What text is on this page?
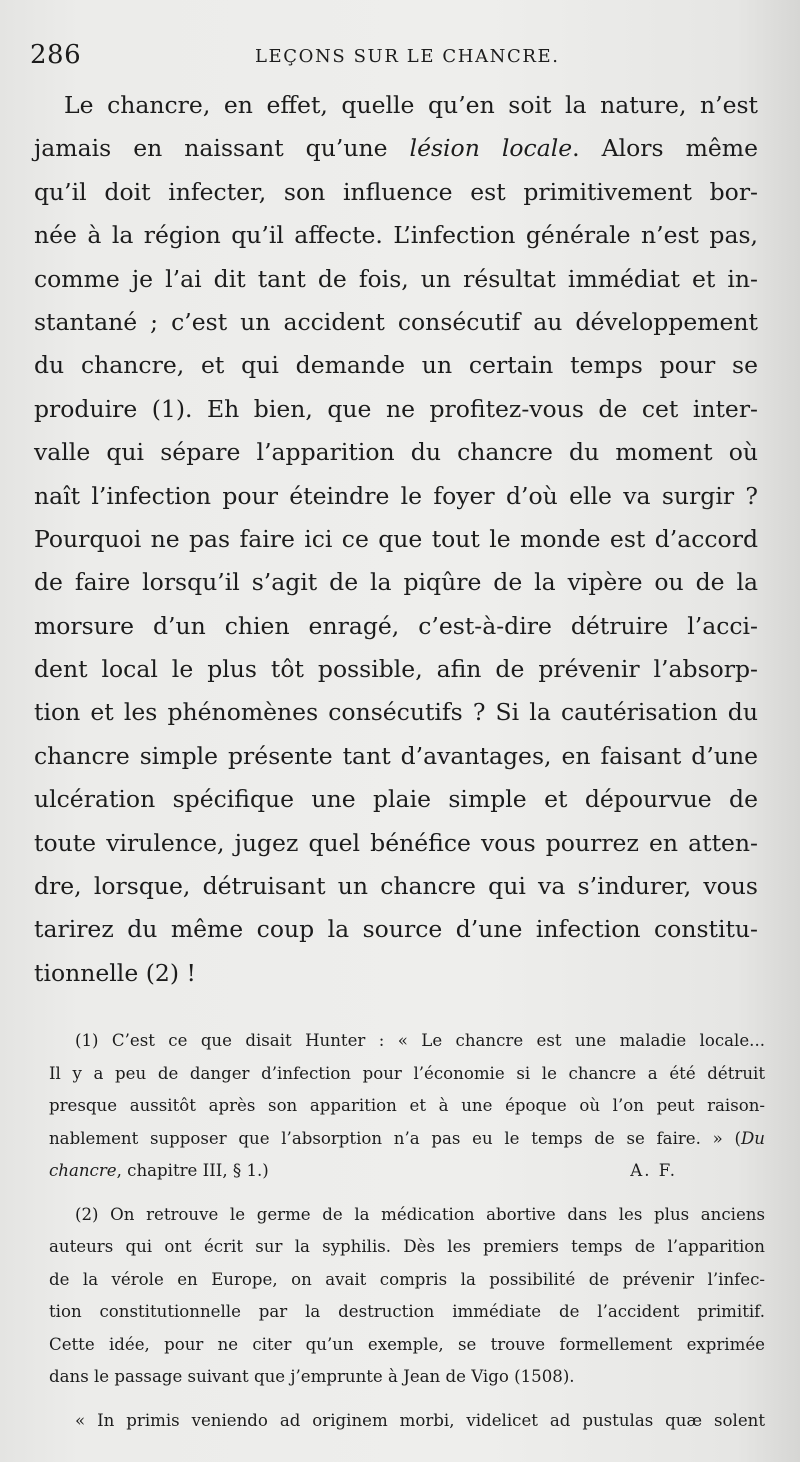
286	LEÇONS SUR LE CHANCRE.
Le chancre, en effet, quelle qu’en soit la nature, n’est
jamais en naissant qu’une lésion locale. Alors même
qu’il doit infecter, son influence est primitivement bor-
née à la région qu’il affecte. L’infection générale n’est pas,
comme je l’ai dit tant de fois, un résultat immédiat et in-
stantané ; c’est un accident consécutif au développement
du chancre, et qui demande un certain temps pour se
produire (1). Eh bien, que ne profitez-vous de cet inter-
valle qui sépare l’apparition du chancre du moment où
naît l’infection pour éteindre le foyer d’où elle va surgir ?
Pourquoi ne pas faire ici ce que tout le monde est d’accord
de faire lorsqu’il s’agit de la piqûre de la vipère ou de la
morsure d’un chien enragé, c’est-à-dire détruire l’acci-
dent local le plus tôt possible, afin de prévenir l’absorp-
tion et les phénomènes consécutifs ? Si la cautérisation du
chancre simple présente tant d’avantages, en faisant d’une
ulcération spécifique une plaie simple et dépourvue de
toute virulence, jugez quel bénéfice vous pourrez en atten-
dre, lorsque, détruisant un chancre qui va s’indurer, vous
tarirez du même coup la source d’une infection constitu-
tionnelle (2) !
(1) C’est ce que disait Hunter : « Le chancre est une maladie locale...
Il y a peu de danger d’infection pour l’économie si le chancre a été détruit
presque aussitôt après son apparition et à une époque où l’on peut raison-
nablement supposer que l’absorption n’a pas eu le temps de se faire. » (Du
chancre, chapitre III, § 1.)	A. F.
(2) On retrouve le germe de la médication abortive dans les plus anciens
auteurs qui ont écrit sur la syphilis. Dès les premiers temps de l’apparition
de la vérole en Europe, on avait compris la possibilité de prévenir l’infec-
tion constitutionnelle par la destruction immédiate de l’accident primitif.
Cette idée, pour ne citer qu’un exemple, se trouve formellement exprimée
dans le passage suivant que j’emprunte à Jean de Vigo (1508).
« In primis veniendo ad originem morbi, videlicet ad pustulas quæ solent
